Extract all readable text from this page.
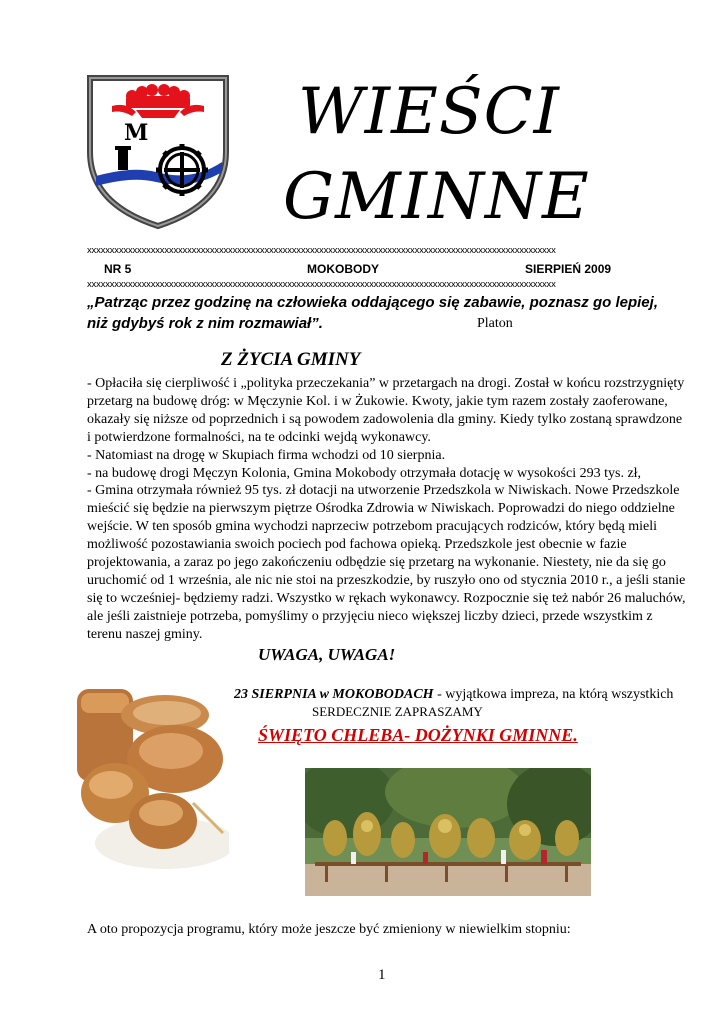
M WIEŚCI
GMINNE
xxxxxxxxxxxxxxxxxxxxxxxxxxxxxxxxxxxxxxxxxxxxxxxxxxxxxxxxxxxxxxxxxxxxxxxxxxxxxxxxxxxxxxxxxxxxxxxxxxxxxxx
NR 5	MOKOBODY	SIERPIEŃ 2009
xxxxxxxxxxxxxxxxxxxxxxxxxxxxxxxxxxxxxxxxxxxxxxxxxxxxxxxxxxxxxxxxxxxxxxxxxxxxxxxxxxxxxxxxxxxxxxxxxxxxxxx
„Patrząc przez godzinę na człowieka oddającego się zabawie, poznasz go lepiej,
niż gdybyś rok z nim rozmawiał”.	Platon
Z ŻYCIA GMINY

- Opłaciła się cierpliwość i „polityka przeczekania” w przetargach na drogi. Został w końcu rozstrzygnięty przetarg na budowę dróg: w Męczynie Kol. i w Żukowie. Kwoty, jakie tym razem zostały zaoferowane, okazały się niższe od poprzednich i są powodem zadowolenia dla gminy. Kiedy tylko zostaną sprawdzone i potwierdzone formalności, na te odcinki wejdą wykonawcy.

- Natomiast na drogę w Skupiach firma wchodzi od 10 sierpnia.

- na budowę drogi Męczyn Kolonia, Gmina Mokobody otrzymała dotację w wysokości 293 tys. zł,

- Gmina otrzymała również 95 tys. zł dotacji na utworzenie Przedszkola w Niwiskach. Nowe Przedszkole mieścić się będzie na pierwszym piętrze Ośrodka Zdrowia w Niwiskach. Poprowadzi do niego oddzielne wejście. W ten sposób gmina wychodzi naprzeciw potrzebom pracujących rodziców, który będą mieli możliwość pozostawiania swoich pociech pod fachowa opieką. Przedszkole jest obecnie w fazie projektowania, a zaraz po jego zakończeniu odbędzie się przetarg na wykonanie. Niestety, nie da się go uruchomić od 1 września, ale nic nie stoi na przeszkodzie, by ruszyło ono od stycznia 2010 r., a jeśli stanie się to wcześniej- będziemy radzi. Wszystko w rękach wykonawcy. Rozpocznie się też nabór 26 maluchów, ale jeśli zaistnieje potrzeba, pomyślimy o przyjęciu nieco większej liczby dzieci, przede wszystkim z terenu naszej gminy.

UWAGA, UWAGA!
23 SIERPNIA w MOKOBODACH - wyjątkowa impreza, na którą wszystkich
SERDECZNIE ZAPRASZAMY
ŚWIĘTO CHLEBA- DOŻYNKI GMINNE.
A oto propozycja programu, który może jeszcze być zmieniony w niewielkim stopniu:
1
